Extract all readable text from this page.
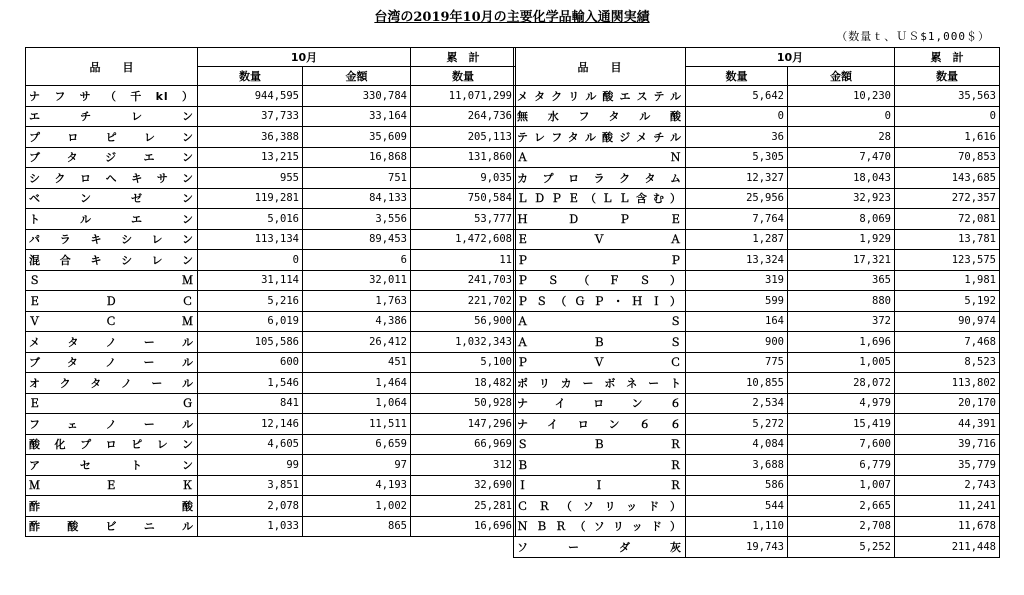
台湾の2019年10月の主要化学品輸入通関実績
（数量ｔ、ＵＳ$1,000＄）
品　　目	10月		累　計
	数量	金額	数量
ナフサ（千kl）	944,595	330,784	11,071,299
エチレン	37,733	33,164	264,736
プロピレン	36,388	35,609	205,113
ブタジエン	13,215	16,868	131,860
シクロヘキサン	955	751	9,035
ベンゼン	119,281	84,133	750,584
トルエン	5,016	3,556	53,777
パラキシレン	113,134	89,453	1,472,608
混合キシレン	0	6	11
ＳＭ	31,114	32,011	241,703
ＥＤＣ	5,216	1,763	221,702
ＶＣＭ	6,019	4,386	56,900
メタノール	105,586	26,412	1,032,343
ブタノール	600	451	5,100
オクタノール	1,546	1,464	18,482
ＥＧ	841	1,064	50,928
フェノール	12,146	11,511	147,296
酸化プロピレン	4,605	6,659	66,969
アセトン	99	97	312
ＭＥＫ	3,851	4,193	32,690
酢酸	2,078	1,002	25,281
酢酸ビニル	1,033	865	16,696
品　　目	10月		累　計
	数量	金額	数量
メタクリル酸エステル	5,642	10,230	35,563
無水フタル酸	0	0	0
テレフタル酸ジメチル	36	28	1,616
ＡＮ	5,305	7,470	70,853
カプロラクタム	12,327	18,043	143,685
ＬＤＰＥ（ＬＬ含む）	25,956	32,923	272,357
ＨＤＰＥ	7,764	8,069	72,081
ＥＶＡ	1,287	1,929	13,781
ＰＰ	13,324	17,321	123,575
ＰＳ（ＦＳ）	319	365	1,981
ＰＳ（ＧＰ・ＨＩ）	599	880	5,192
ＡＳ	164	372	90,974
ＡＢＳ	900	1,696	7,468
ＰＶＣ	775	1,005	8,523
ポリカーボネート	10,855	28,072	113,802
ナイロン６	2,534	4,979	20,170
ナイロン６６	5,272	15,419	44,391
ＳＢＲ	4,084	7,600	39,716
ＢＲ	3,688	6,779	35,779
ＩＩＲ	586	1,007	2,743
ＣＲ（ソリッド）	544	2,665	11,241
ＮＢＲ（ソリッド）	1,110	2,708	11,678
ソーダ灰	19,743	5,252	211,448
